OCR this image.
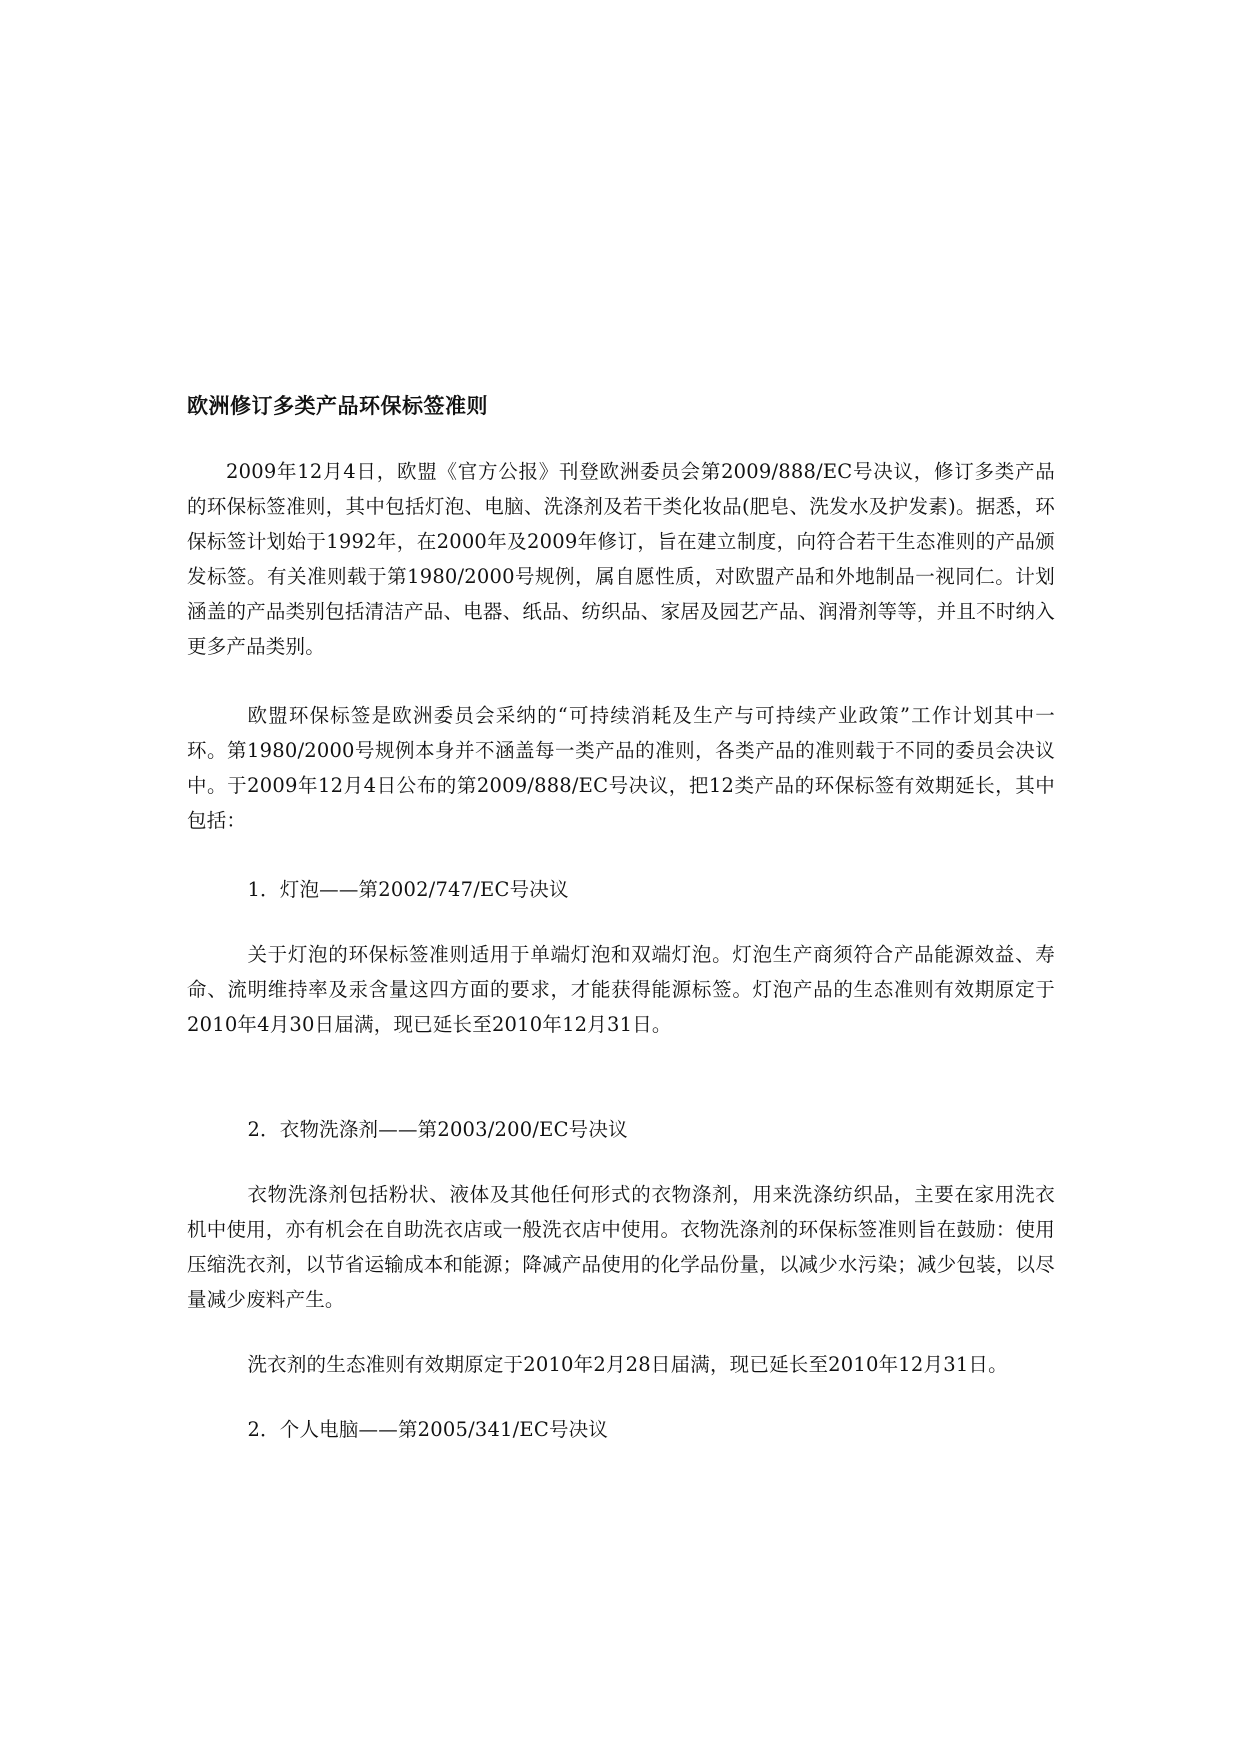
欧洲修订多类产品环保标签准则

2009年12月4日，欧盟《官方公报》刊登欧洲委员会第2009/888/EC号决议，修订多类产品的环保标签准则，其中包括灯泡、电脑、洗涤剂及若干类化妆品(肥皂、洗发水及护发素)。据悉，环保标签计划始于1992年，在2000年及2009年修订，旨在建立制度，向符合若干生态准则的产品颁发标签。有关准则载于第1980/2000号规例，属自愿性质，对欧盟产品和外地制品一视同仁。计划涵盖的产品类别包括清洁产品、电器、纸品、纺织品、家居及园艺产品、润滑剂等等，并且不时纳入更多产品类别。

欧盟环保标签是欧洲委员会采纳的“可持续消耗及生产与可持续产业政策”工作计划其中一环。第1980/2000号规例本身并不涵盖每一类产品的准则，各类产品的准则载于不同的委员会决议中。于2009年12月4日公布的第2009/888/EC号决议，把12类产品的环保标签有效期延长，其中包括：

1．灯泡——第2002/747/EC号决议

关于灯泡的环保标签准则适用于单端灯泡和双端灯泡。灯泡生产商须符合产品能源效益、寿命、流明维持率及汞含量这四方面的要求，才能获得能源标签。灯泡产品的生态准则有效期原定于2010年4月30日届满，现已延长至2010年12月31日。

2．衣物洗涤剂——第2003/200/EC号决议

衣物洗涤剂包括粉状、液体及其他任何形式的衣物涤剂，用来洗涤纺织品，主要在家用洗衣机中使用，亦有机会在自助洗衣店或一般洗衣店中使用。衣物洗涤剂的环保标签准则旨在鼓励：使用压缩洗衣剂，以节省运输成本和能源；降减产品使用的化学品份量，以减少水污染；减少包装，以尽量减少废料产生。

洗衣剂的生态准则有效期原定于2010年2月28日届满，现已延长至2010年12月31日。

2．个人电脑——第2005/341/EC号决议
